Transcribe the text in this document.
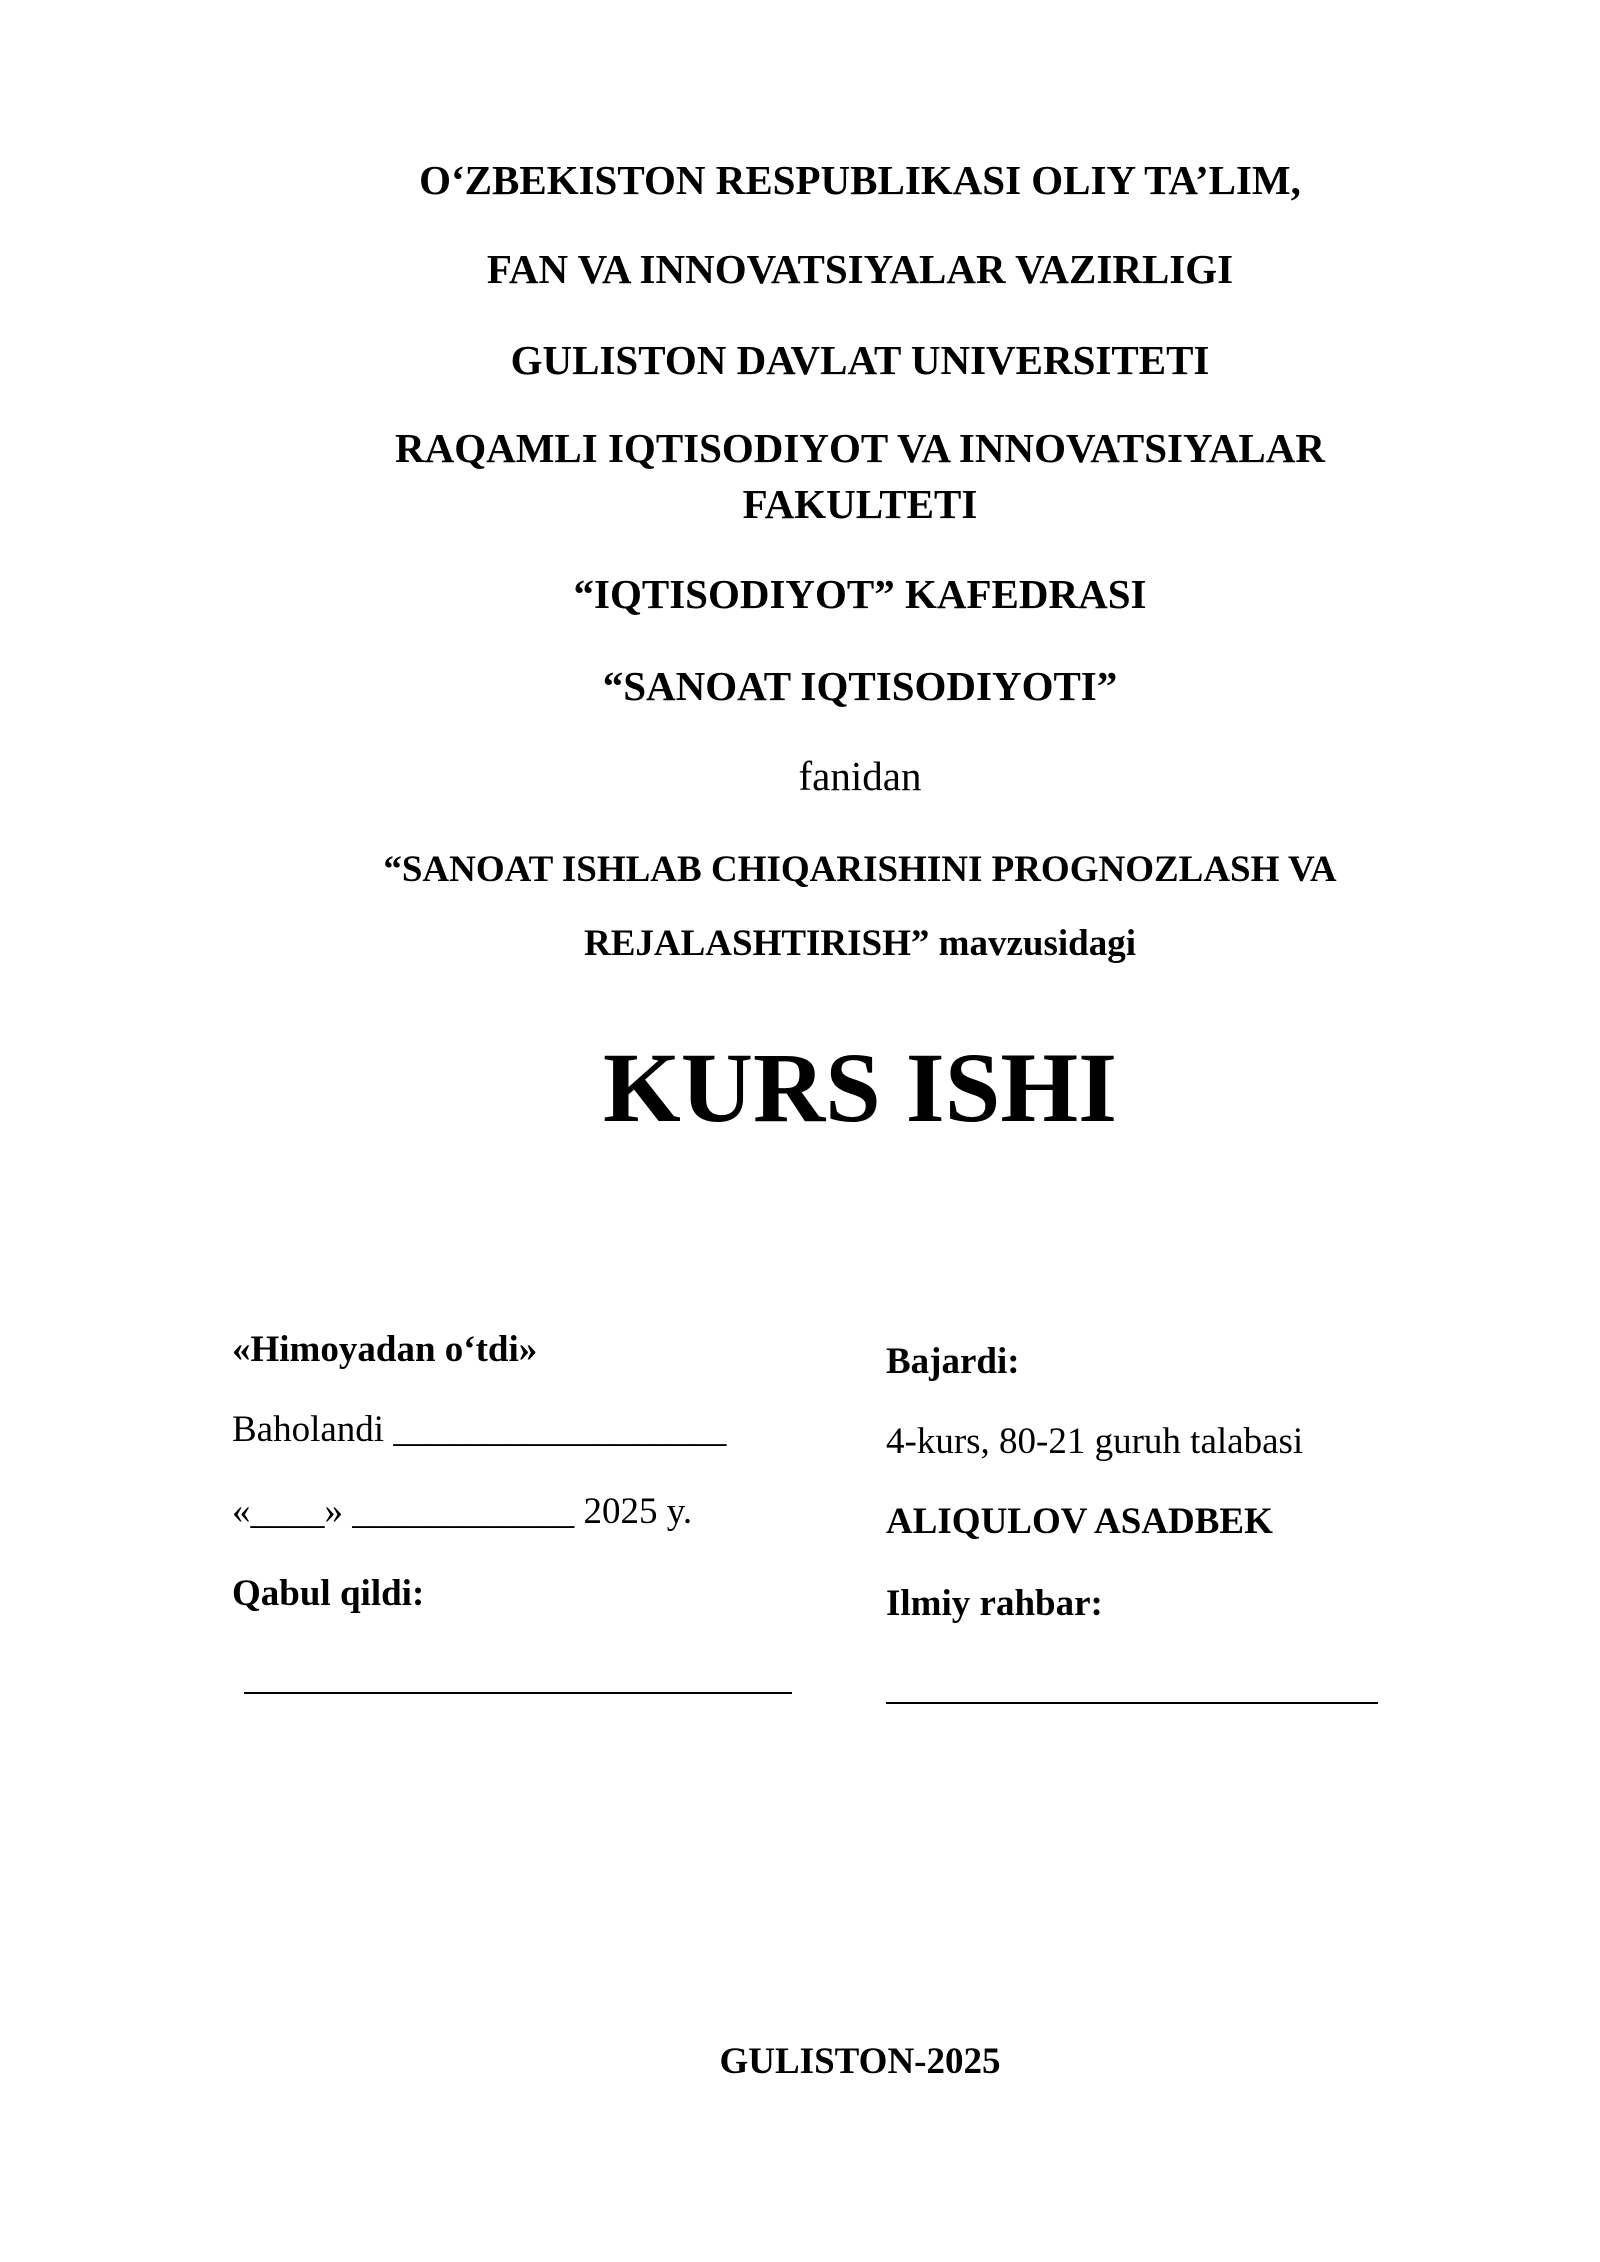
O‘ZBEKISTON RESPUBLIKASI OLIY TA’LIM,
FAN VA INNOVATSIYALAR VAZIRLIGI
GULISTON DAVLAT UNIVERSITETI
RAQAMLI IQTISODIYOT VA INNOVATSIYALAR
FAKULTETI
“IQTISODIYOT” KAFEDRASI
“SANOAT IQTISODIYOTI”
fanidan
“SANOAT ISHLAB CHIQARISHINI PROGNOZLASH VA
REJALASHTIRISH” mavzusidagi
KURS ISHI
«Himoyadan o‘tdi»
Baholandi __________________
«____» ____________ 2025 y.
Qabul qildi:
Bajardi:
4-kurs, 80-21 guruh talabasi
ALIQULOV ASADBEK
Ilmiy rahbar:
GULISTON-2025
